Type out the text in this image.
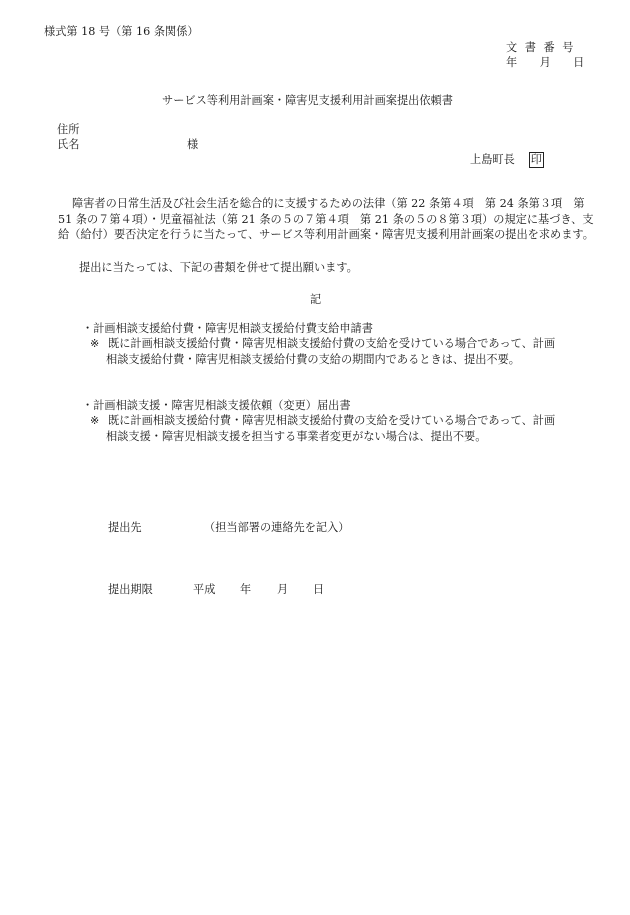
様式第 18 号（第 16 条関係）
文 書 番 号
年　　月　　日
サービス等利用計画案・障害児支援利用計画案提出依頼書
住所
氏名	様
上島町長 印
障害者の日常生活及び社会生活を総合的に支援するための法律（第 22 条第４項　第 24 条第３項　第 51 条の７第４項）・児童福祉法（第 21 条の５の７第４項　第 21 条の５の８第３項）の規定に基づき、支給（給付）要否決定を行うに当たって、サービス等利用計画案・障害児支援利用計画案の提出を求めます。
提出に当たっては、下記の書類を併せて提出願います。
記
・計画相談支援給付費・障害児相談支援給付費支給申請書
※ 既に計画相談支援給付費・障害児相談支援給付費の支給を受けている場合であって、計画
相談支援給付費・障害児相談支援給付費の支給の期間内であるときは、提出不要。
・計画相談支援・障害児相談支援依頼（変更）届出書
※ 既に計画相談支援給付費・障害児相談支援給付費の支給を受けている場合であって、計画
相談支援・障害児相談支援を担当する事業者変更がない場合は、提出不要。
提出先	（担当部署の連絡先を記入）
提出期限	平成 年 月 日
